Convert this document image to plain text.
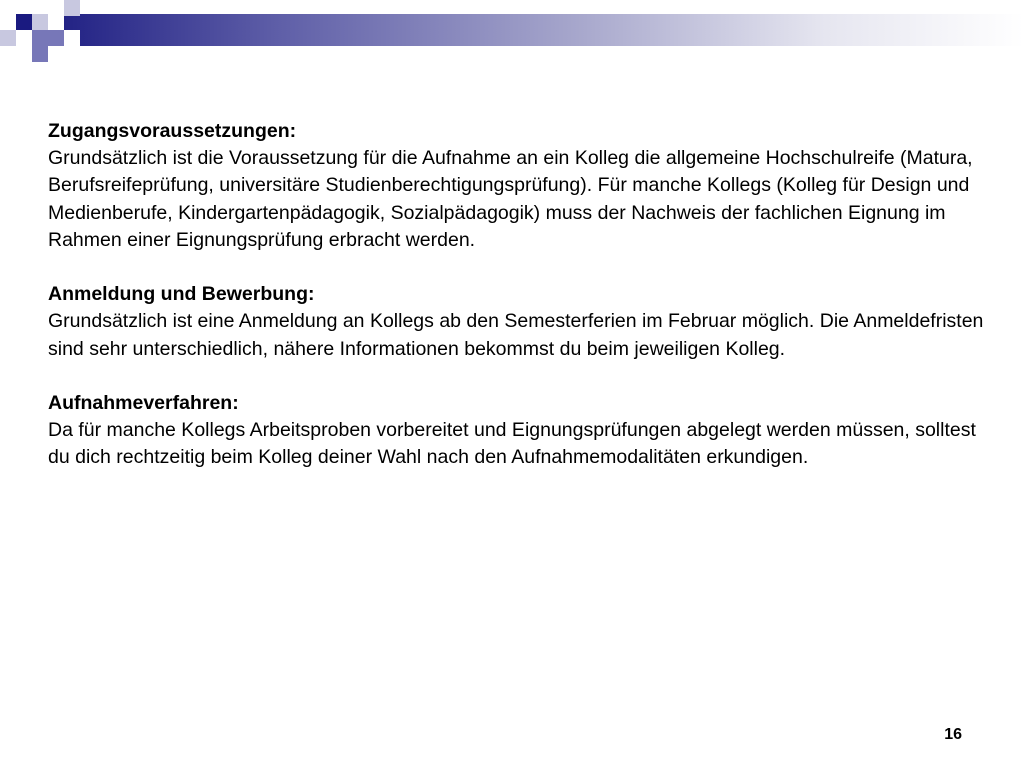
Zugangsvoraussetzungen:
Grundsätzlich ist die Voraussetzung für die Aufnahme an ein Kolleg die allgemeine Hochschulreife (Matura, Berufsreifeprüfung, universitäre Studienberechtigungsprüfung). Für manche Kollegs (Kolleg für Design und Medienberufe, Kindergartenpädagogik, Sozialpädagogik) muss der Nachweis der fachlichen Eignung im Rahmen einer Eignungsprüfung erbracht werden.
Anmeldung und Bewerbung:
Grundsätzlich ist eine Anmeldung an Kollegs ab den Semesterferien im Februar möglich. Die Anmeldefristen sind sehr unterschiedlich, nähere Informationen bekommst du beim jeweiligen Kolleg.
Aufnahmeverfahren:
Da für manche Kollegs Arbeitsproben vorbereitet und Eignungsprüfungen abgelegt werden müssen, solltest du dich rechtzeitig beim Kolleg deiner Wahl nach den Aufnahmemodalitäten erkundigen.
16
